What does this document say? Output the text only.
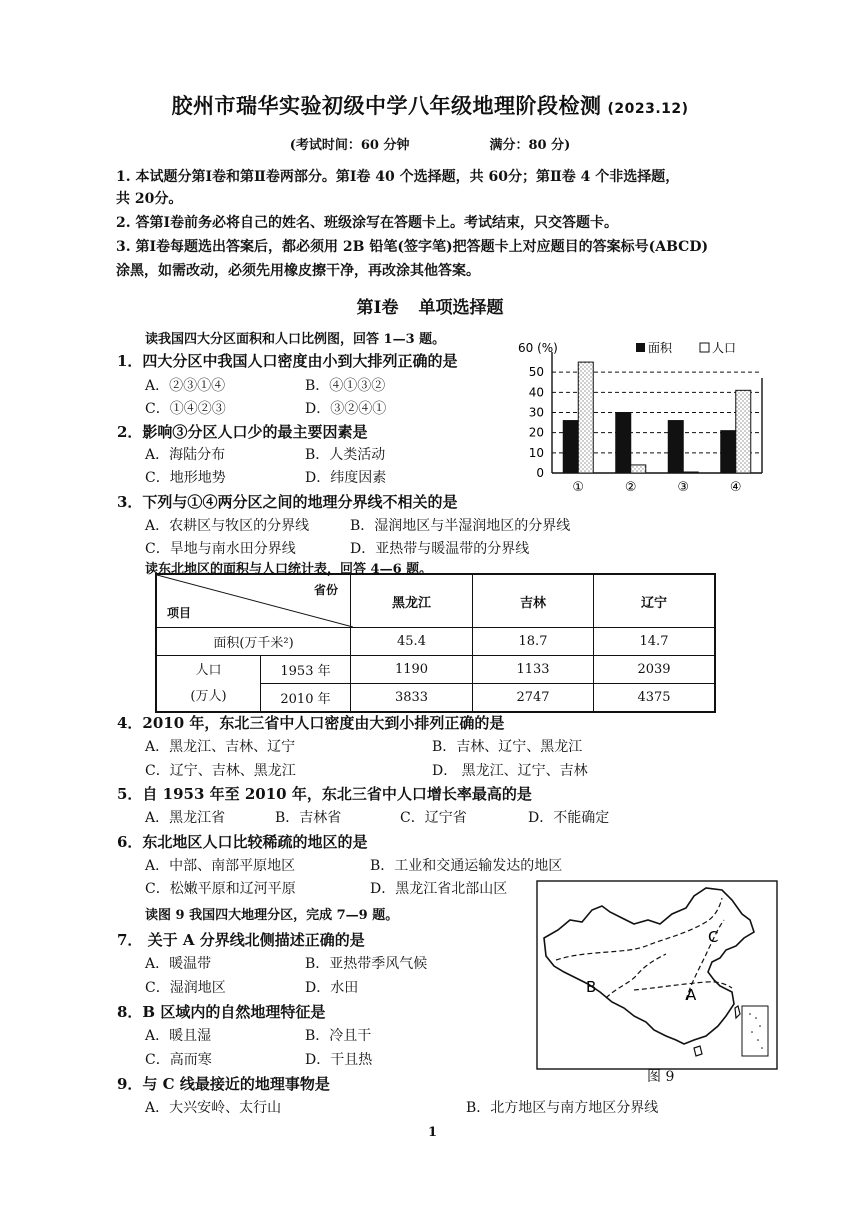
胶州市瑞华实验初级中学八年级地理阶段检测 (2023.12)
(考试时间：60 分钟	满分：80 分)
1. 本试题分第Ⅰ卷和第Ⅱ卷两部分。第Ⅰ卷 40 个选择题，共 60分；第Ⅱ卷 4 个非选择题，
共 20分。
2. 答第Ⅰ卷前务必将自己的姓名、班级涂写在答题卡上。考试结束，只交答题卡。
3. 第Ⅰ卷每题选出答案后，都必须用 2B 铅笔(签字笔)把答题卡上对应题目的答案标号(ABCD)
涂黑，如需改动，必须先用橡皮擦干净，再改涂其他答案。
第Ⅰ卷 单项选择题
读我国四大分区面积和人口比例图，回答 1—3 题。
1．四大分区中我国人口密度由小到大排列正确的是
A．②③①④	B．④①③②
C．①④②③	D．③②④①
2．影响③分区人口少的最主要因素是
A．海陆分布	B．人类活动
C．地形地势	D．纬度因素
60 (%)	面积	人口
0
10
20
30
40
50
①	②	③	④
3．下列与①④两分区之间的地理分界线不相关的是
A．农耕区与牧区的分界线	B．湿润地区与半湿润地区的分界线
C．旱地与南水田分界线	D．亚热带与暖温带的分界线
读东北地区的面积与人口统计表，回答 4—6 题。
省份
项目		黑龙江	吉林	辽宁
面积(万千米²)		45.4	18.7	14.7
人口
(万人)	1953 年	1190	1133	2039
	2010 年	3833	2747	4375
4．2010 年，东北三省中人口密度由大到小排列正确的是
A．黑龙江、吉林、辽宁	B．吉林、辽宁、黑龙江
C．辽宁、吉林、黑龙江	D． 黑龙江、辽宁、吉林
5．自 1953 年至 2010 年，东北三省中人口增长率最高的是
A．黑龙江省	B．吉林省	C．辽宁省	D．不能确定
6．东北地区人口比较稀疏的地区的是
A．中部、南部平原地区	B．工业和交通运输发达的地区
C．松嫩平原和辽河平原	D．黑龙江省北部山区
读图 9 我国四大地理分区，完成 7—9 题。
7． 关于 A 分界线北侧描述正确的是
A．暖温带	B．亚热带季风气候
C．湿润地区	D．水田
8．B 区域内的自然地理特征是
A．暖且湿	B．冷且干
C．高而寒	D．干且热
9．与 C 线最接近的地理事物是
A．大兴安岭、太行山	B．北方地区与南方地区分界线
B	A
C
图 9
1
